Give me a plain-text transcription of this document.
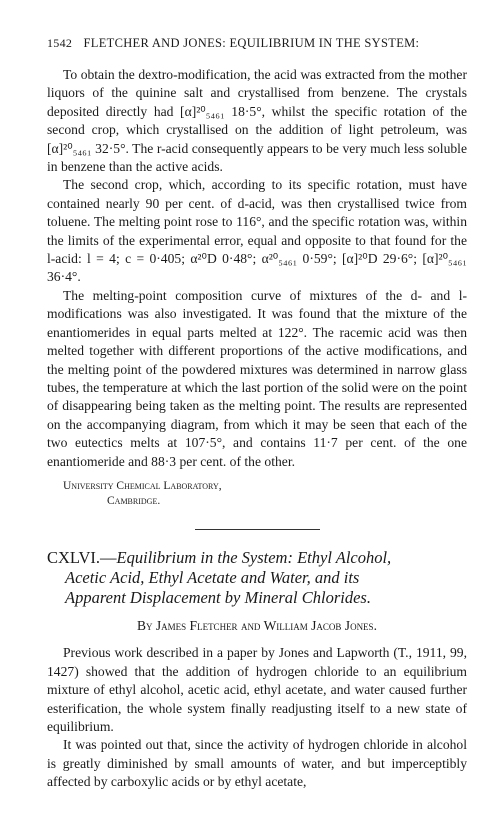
1542 FLETCHER AND JONES: EQUILIBRIUM IN THE SYSTEM:

To obtain the dextro-modification, the acid was extracted from the mother liquors of the quinine salt and crystallised from benzene. The crystals deposited directly had [α]²⁰₅₄₆₁ 18·5°, whilst the specific rotation of the second crop, which crystallised on the addition of light petroleum, was [α]²⁰₅₄₆₁ 32·5°. The r-acid consequently appears to be very much less soluble in benzene than the active acids.

The second crop, which, according to its specific rotation, must have contained nearly 90 per cent. of d-acid, was then crystallised twice from toluene. The melting point rose to 116°, and the specific rotation was, within the limits of the experimental error, equal and opposite to that found for the l-acid: l = 4; c = 0·405; α²⁰D 0·48°; α²⁰₅₄₆₁ 0·59°; [α]²⁰D 29·6°; [α]²⁰₅₄₆₁ 36·4°.

The melting-point composition curve of mixtures of the d- and l-modifications was also investigated. It was found that the mixture of the enantiomerides in equal parts melted at 122°. The racemic acid was then melted together with different proportions of the active modifications, and the melting point of the powdered mixtures was determined in narrow glass tubes, the temperature at which the last portion of the solid were on the point of disappearing being taken as the melting point. The results are represented on the accompanying diagram, from which it may be seen that each of the two eutectics melts at 107·5°, and contains 11·7 per cent. of the one enantiomeride and 88·3 per cent. of the other.

University Chemical Laboratory,
Cambridge.
CXLVI.—Equilibrium in the System: Ethyl Alcohol,
Acetic Acid, Ethyl Acetate and Water, and its
Apparent Displacement by Mineral Chlorides.
By James Fletcher and William Jacob Jones.

Previous work described in a paper by Jones and Lapworth (T., 1911, 99, 1427) showed that the addition of hydrogen chloride to an equilibrium mixture of ethyl alcohol, acetic acid, ethyl acetate, and water caused further esterification, the whole system finally readjusting itself to a new state of equilibrium.

It was pointed out that, since the activity of hydrogen chloride in alcohol is greatly diminished by small amounts of water, and but imperceptibly affected by carboxylic acids or by ethyl acetate,
